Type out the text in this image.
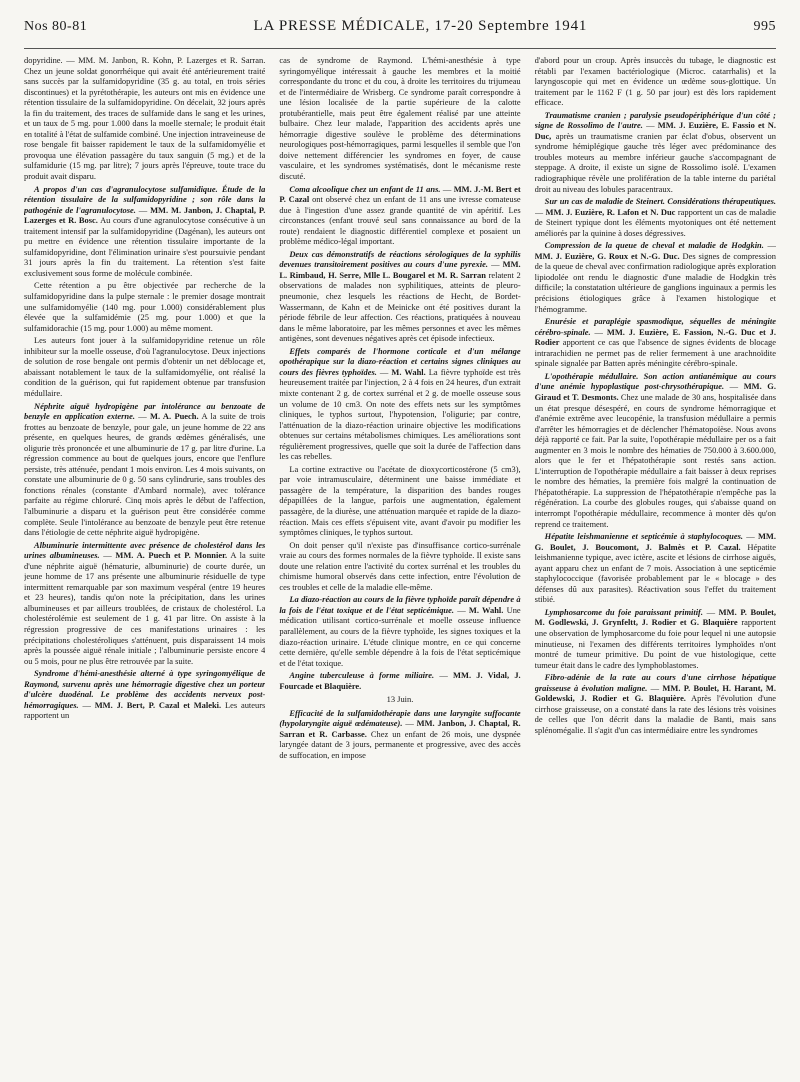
Nos 80-81	LA PRESSE MÉDICALE, 17-20 Septembre 1941	995

dopyridine. — MM. M. Janbon, R. Kohn, P. Lazerges et R. Sarran. Chez un jeune soldat gonorrhéique qui avait été antérieurement traité sans succès par la sulfamidopyridine (35 g. au total, en trois séries discontinues) et la pyrétothérapie, les auteurs ont mis en évidence une rétention tissulaire de la sulfamidopyridine. On décelait, 32 jours après la fin du traitement, des traces de sulfamide dans le sang et les urines, et un taux de 5 mg. pour 1.000 dans la moelle sternale; le produit était en totalité à l'état de sulfamide combiné. Une injection intraveineuse de rose bengale fit baisser rapidement le taux de la sulfamidomyélie et provoqua une élévation passagère du taux sanguin (5 mg.) et de la sulfamidurie (15 mg. par litre); 7 jours après l'épreuve, toute trace du produit avait disparu.

A propos d'un cas d'agranulocytose sulfamidique. Étude de la rétention tissulaire de la sulfamidopyridine ; son rôle dans la pathogénie de l'agranulocytose. — MM. M. Janbon, J. Chaptal, P. Lazerges et R. Bosc. Au cours d'une agranulocytose consécutive à un traitement intensif par la sulfamidopyridine (Dagénan), les auteurs ont pu mettre en évidence une rétention tissulaire importante de la sulfamidopyridine, dont l'élimination urinaire s'est poursuivie pendant 31 jours après la fin du traitement. La rétention s'est faite exclusivement sous forme de molécule combinée.

Cette rétention a pu être objectivée par recherche de la sulfamidopyridine dans la pulpe sternale : le premier dosage montrait une sulfamidomyélie (140 mg. pour 1.000) considérablement plus élevée que la sulfamidémie (25 mg. pour 1.000) et que la sulfamidorachie (15 mg. pour 1.000) au même moment.

Les auteurs font jouer à la sulfamidopyridine retenue un rôle inhibiteur sur la moelle osseuse, d'où l'agranulocytose. Deux injections de solution de rose bengale ont permis d'obtenir un net déblocage et, abaissant notablement le taux de la sulfamidomyélie, ont réalisé la condition de la guérison, qui fut rapidement obtenue par transfusion médullaire.

Néphrite aiguë hydropigène par intolérance au benzoate de benzyle en application externe. — M. A. Puech. A la suite de trois frottes au benzoate de benzyle, pour gale, un jeune homme de 22 ans présente, en quelques heures, de grands œdèmes généralisés, une oligurie très prononcée et une albuminurie de 17 g. par litre d'urine. La régression commence au bout de quelques jours, encore que l'enflure persiste, très atténuée, pendant 1 mois environ. Les 4 mois suivants, on constate une albuminurie de 0 g. 50 sans cylindrurie, sans troubles des fonctions rénales (constante d'Ambard normale), avec tolérance parfaite au régime chloruré. Cinq mois après le début de l'affection, l'albuminurie a disparu et la guérison peut être considérée comme complète. Seule l'intolérance au benzoate de benzyle peut être retenue dans l'étiologie de cette néphrite aiguë hydropigène.

Albuminurie intermittente avec présence de cholestérol dans les urines albumineuses. — MM. A. Puech et P. Monnier. A la suite d'une néphrite aiguë (hématurie, albuminurie) de courte durée, un jeune homme de 17 ans présente une albuminurie résiduelle de type intermittent remarquable par son maximum vespéral (entre 19 heures et 23 heures), tandis qu'on note la précipitation, dans les urines albumineuses et par ailleurs troublées, de cristaux de cholestérol. La cholestérolémie est seulement de 1 g. 41 par litre. On assiste à la régression progressive de ces manifestations urinaires : les précipitations cholestéroliques s'atténuent, puis disparaissent 14 mois après la poussée aiguë rénale initiale ; l'albuminurie persiste encore 4 ou 5 mois, pour ne plus être retrouvée par la suite.

Syndrome d'hémi-anesthésie alterné à type syringomyélique de Raymond, survenu après une hémorragie digestive chez un porteur d'ulcère duodénal. Le problème des accidents nerveux post-hémorragiques. — MM. J. Bert, P. Cazal et Maleki. Les auteurs rapportent un

cas de syndrome de Raymond. L'hémi-anesthésie à type syringomyélique intéressait à gauche les membres et la moitié correspondante du tronc et du cou, à droite les territoires du trijumeau et de l'intermédiaire de Wrisberg. Ce syndrome paraît correspondre à une lésion localisée de la partie supérieure de la calotte protubérantielle, mais peut être également réalisé par une atteinte bulbaire. Chez leur malade, l'apparition des accidents après une hémorragie digestive soulève le problème des déterminations neurologiques post-hémorragiques, parmi lesquelles il semble que l'on doive nettement différencier les syndromes en foyer, de cause vasculaire, et les syndromes systématisés, dont le mécanisme reste discuté.

Coma alcoolique chez un enfant de 11 ans. — MM. J.-M. Bert et P. Cazal ont observé chez un enfant de 11 ans une ivresse comateuse due à l'ingestion d'une assez grande quantité de vin apéritif. Les circonstances (enfant trouvé seul sans connaissance au bord de la route) rendaient le diagnostic différentiel complexe et posaient un problème médico-légal important.

Deux cas démonstratifs de réactions sérologiques de la syphilis devenues transitoirement positives au cours d'une pyrexie. — MM. L. Rimbaud, H. Serre, Mlle L. Bougarel et M. R. Sarran relatent 2 observations de malades non syphilitiques, atteints de pleuro-pneumonie, chez lesquels les réactions de Hecht, de Bordet-Wassermann, de Kahn et de Meinicke ont été positives durant la période fébrile de leur affection. Ces réactions, pratiquées à nouveau dans le même laboratoire, par les mêmes personnes et avec les mêmes antigènes, sont devenues négatives après cet épisode infectieux.

Effets comparés de l'hormone corticale et d'un mélange opothérapique sur la diazo-réaction et certains signes cliniques au cours des fièvres typhoïdes. — M. Wahl. La fièvre typhoïde est très heureusement traitée par l'injection, 2 à 4 fois en 24 heures, d'un extrait mixte contenant 2 g. de cortex surrénal et 2 g. de moelle osseuse sous un volume de 10 cm3. On note des effets nets sur les symptômes cliniques, le typhos surtout, l'hypotension, l'oligurie; par contre, l'atténuation de la diazo-réaction urinaire objective les modifications obtenues sur certains métabolismes chimiques. Les améliorations sont régulièrement progressives, quelle que soit la durée de l'affection dans les cas rebelles.

La cortine extractive ou l'acétate de dioxycorticostérone (5 cm3), par voie intramusculaire, déterminent une baisse immédiate et passagère de la température, la disparition des bandes rouges dépapillées de la langue, parfois une augmentation, également passagère, de la diurèse, une atténuation marquée et rapide de la diazo-réaction. Mais ces effets s'épuisent vite, avant d'avoir pu modifier les symptômes cliniques, le typhos surtout.

On doit penser qu'il n'existe pas d'insuffisance cortico-surrénale vraie au cours des formes normales de la fièvre typhoïde. Il existe sans doute une relation entre l'activité du cortex surrénal et les troubles du chimisme humoral observés dans cette infection, entre l'évolution de ces troubles et celle de la maladie elle-même.

La diazo-réaction au cours de la fièvre typhoïde paraît dépendre à la fois de l'état toxique et de l'état septicémique. — M. Wahl. Une médication utilisant cortico-surrénale et moelle osseuse influence parallèlement, au cours de la fièvre typhoïde, les signes toxiques et la diazo-réaction urinaire. L'étude clinique montre, en ce qui concerne cette dernière, qu'elle semble dépendre à la fois de l'état septicémique et de l'état toxique.

Angine tuberculeuse à forme miliaire. — MM. J. Vidal, J. Fourcade et Blaquière.

13 Juin.

Efficacité de la sulfamidothérapie dans une laryngite suffocante (hypolaryngite aiguë œdémateuse). — MM. Janbon, J. Chaptal, R. Sarran et R. Carbasse. Chez un enfant de 26 mois, une dyspnée laryngée datant de 3 jours, permanente et progressive, avec des accès de suffocation, en impose

d'abord pour un croup. Après insuccès du tubage, le diagnostic est rétabli par l'examen bactériologique (Microc. catarrhalis) et la laryngoscopie qui met en évidence un œdème sous-glottique. Un traitement par le 1162 F (1 g. 50 par jour) est dès lors rapidement efficace.

Traumatisme cranien ; paralysie pseudopériphérique d'un côté ; signe de Rossolimo de l'autre. — MM. J. Euzière, E. Fassio et N. Duc, après un traumatisme cranien par éclat d'obus, observent un syndrome hémiplégique gauche très léger avec prédominance des troubles moteurs au membre inférieur gauche s'accompagnant de steppage. A droite, il existe un signe de Rossolimo isolé. L'examen radiographique révèle une prolifération de la table interne du pariétal droit au niveau des lobules paracentraux.

Sur un cas de maladie de Steinert. Considérations thérapeutiques. — MM. J. Euzière, R. Lafon et N. Duc rapportent un cas de maladie de Steinert typique dont les éléments myotoniques ont été nettement améliorés par la quinine à doses dégressives.

Compression de la queue de cheval et maladie de Hodgkin. — MM. J. Euzière, G. Roux et N.-G. Duc. Des signes de compression de la queue de cheval avec confirmation radiologique après exploration lipiodolée ont rendu le diagnostic d'une maladie de Hodgkin très difficile; la constatation ultérieure de ganglions inguinaux a permis les précisions étiologiques grâce à l'examen histologique et l'hémogramme.

Enurésie et paraplégie spasmodique, séquelles de méningite cérébro-spinale. — MM. J. Euzière, E. Fassion, N.-G. Duc et J. Rodier apportent ce cas que l'absence de signes évidents de blocage intrarachidien ne permet pas de relier fermement à une arachnoïdite spinale signalée par Batten après méningite cérébro-spinale.

L'opothérapie médullaire. Son action antianémique au cours d'une anémie hypoplastique post-chrysothérapique. — MM. G. Giraud et T. Desmonts. Chez une malade de 30 ans, hospitalisée dans un état presque désespéré, en cours de syndrome hémorragique et d'anémie extrême avec leucopénie, la transfusion médullaire a permis d'arrêter les hémorragies et de déclencher l'hématopoïèse. Nous avons déjà rapporté ce fait. Par la suite, l'opothérapie médullaire per os a fait augmenter en 3 mois le nombre des hématies de 750.000 à 3.600.000, alors que le fer et l'hépatothérapie sont restés sans action. L'interruption de l'opothérapie médullaire a fait baisser à deux reprises le nombre des hématies, la première fois malgré la continuation de l'hépatothérapie. La suppression de l'hépatothérapie n'empêche pas la régénération. La courbe des globules rouges, qui s'abaisse quand on interrompt l'opothérapie médullaire, recommence à monter dès qu'on reprend ce traitement.

Hépatite leishmanienne et septicémie à staphylocoques. — MM. G. Boulet, J. Boucomont, J. Balmès et P. Cazal. Hépatite leishmanienne typique, avec ictère, ascite et lésions de cirrhose aiguës, ayant apparu chez un enfant de 7 mois. Association à une septicémie staphylococcique (favorisée probablement par le « blocage » des défenses dû aux parasites). Réactivation sous l'effet du traitement stibié.

Lymphosarcome du foie paraissant primitif. — MM. P. Boulet, M. Godlewski, J. Grynfeltt, J. Rodier et G. Blaquière rapportent une observation de lymphosarcome du foie pour lequel ni une autopsie minutieuse, ni l'examen des différents territoires lymphoïdes n'ont montré de tumeur primitive. Du point de vue histologique, cette tumeur était dans le cadre des lymphoblastomes.

Fibro-adénie de la rate au cours d'une cirrhose hépatique graisseuse à évolution maligne. — MM. P. Boulet, H. Harant, M. Goldewski, J. Rodier et G. Blaquière. Après l'évolution d'une cirrhose graisseuse, on a constaté dans la rate des lésions très voisines de celles que l'on décrit dans la maladie de Banti, mais sans splénomégalie. Il s'agit d'un cas intermédiaire entre les syndromes
